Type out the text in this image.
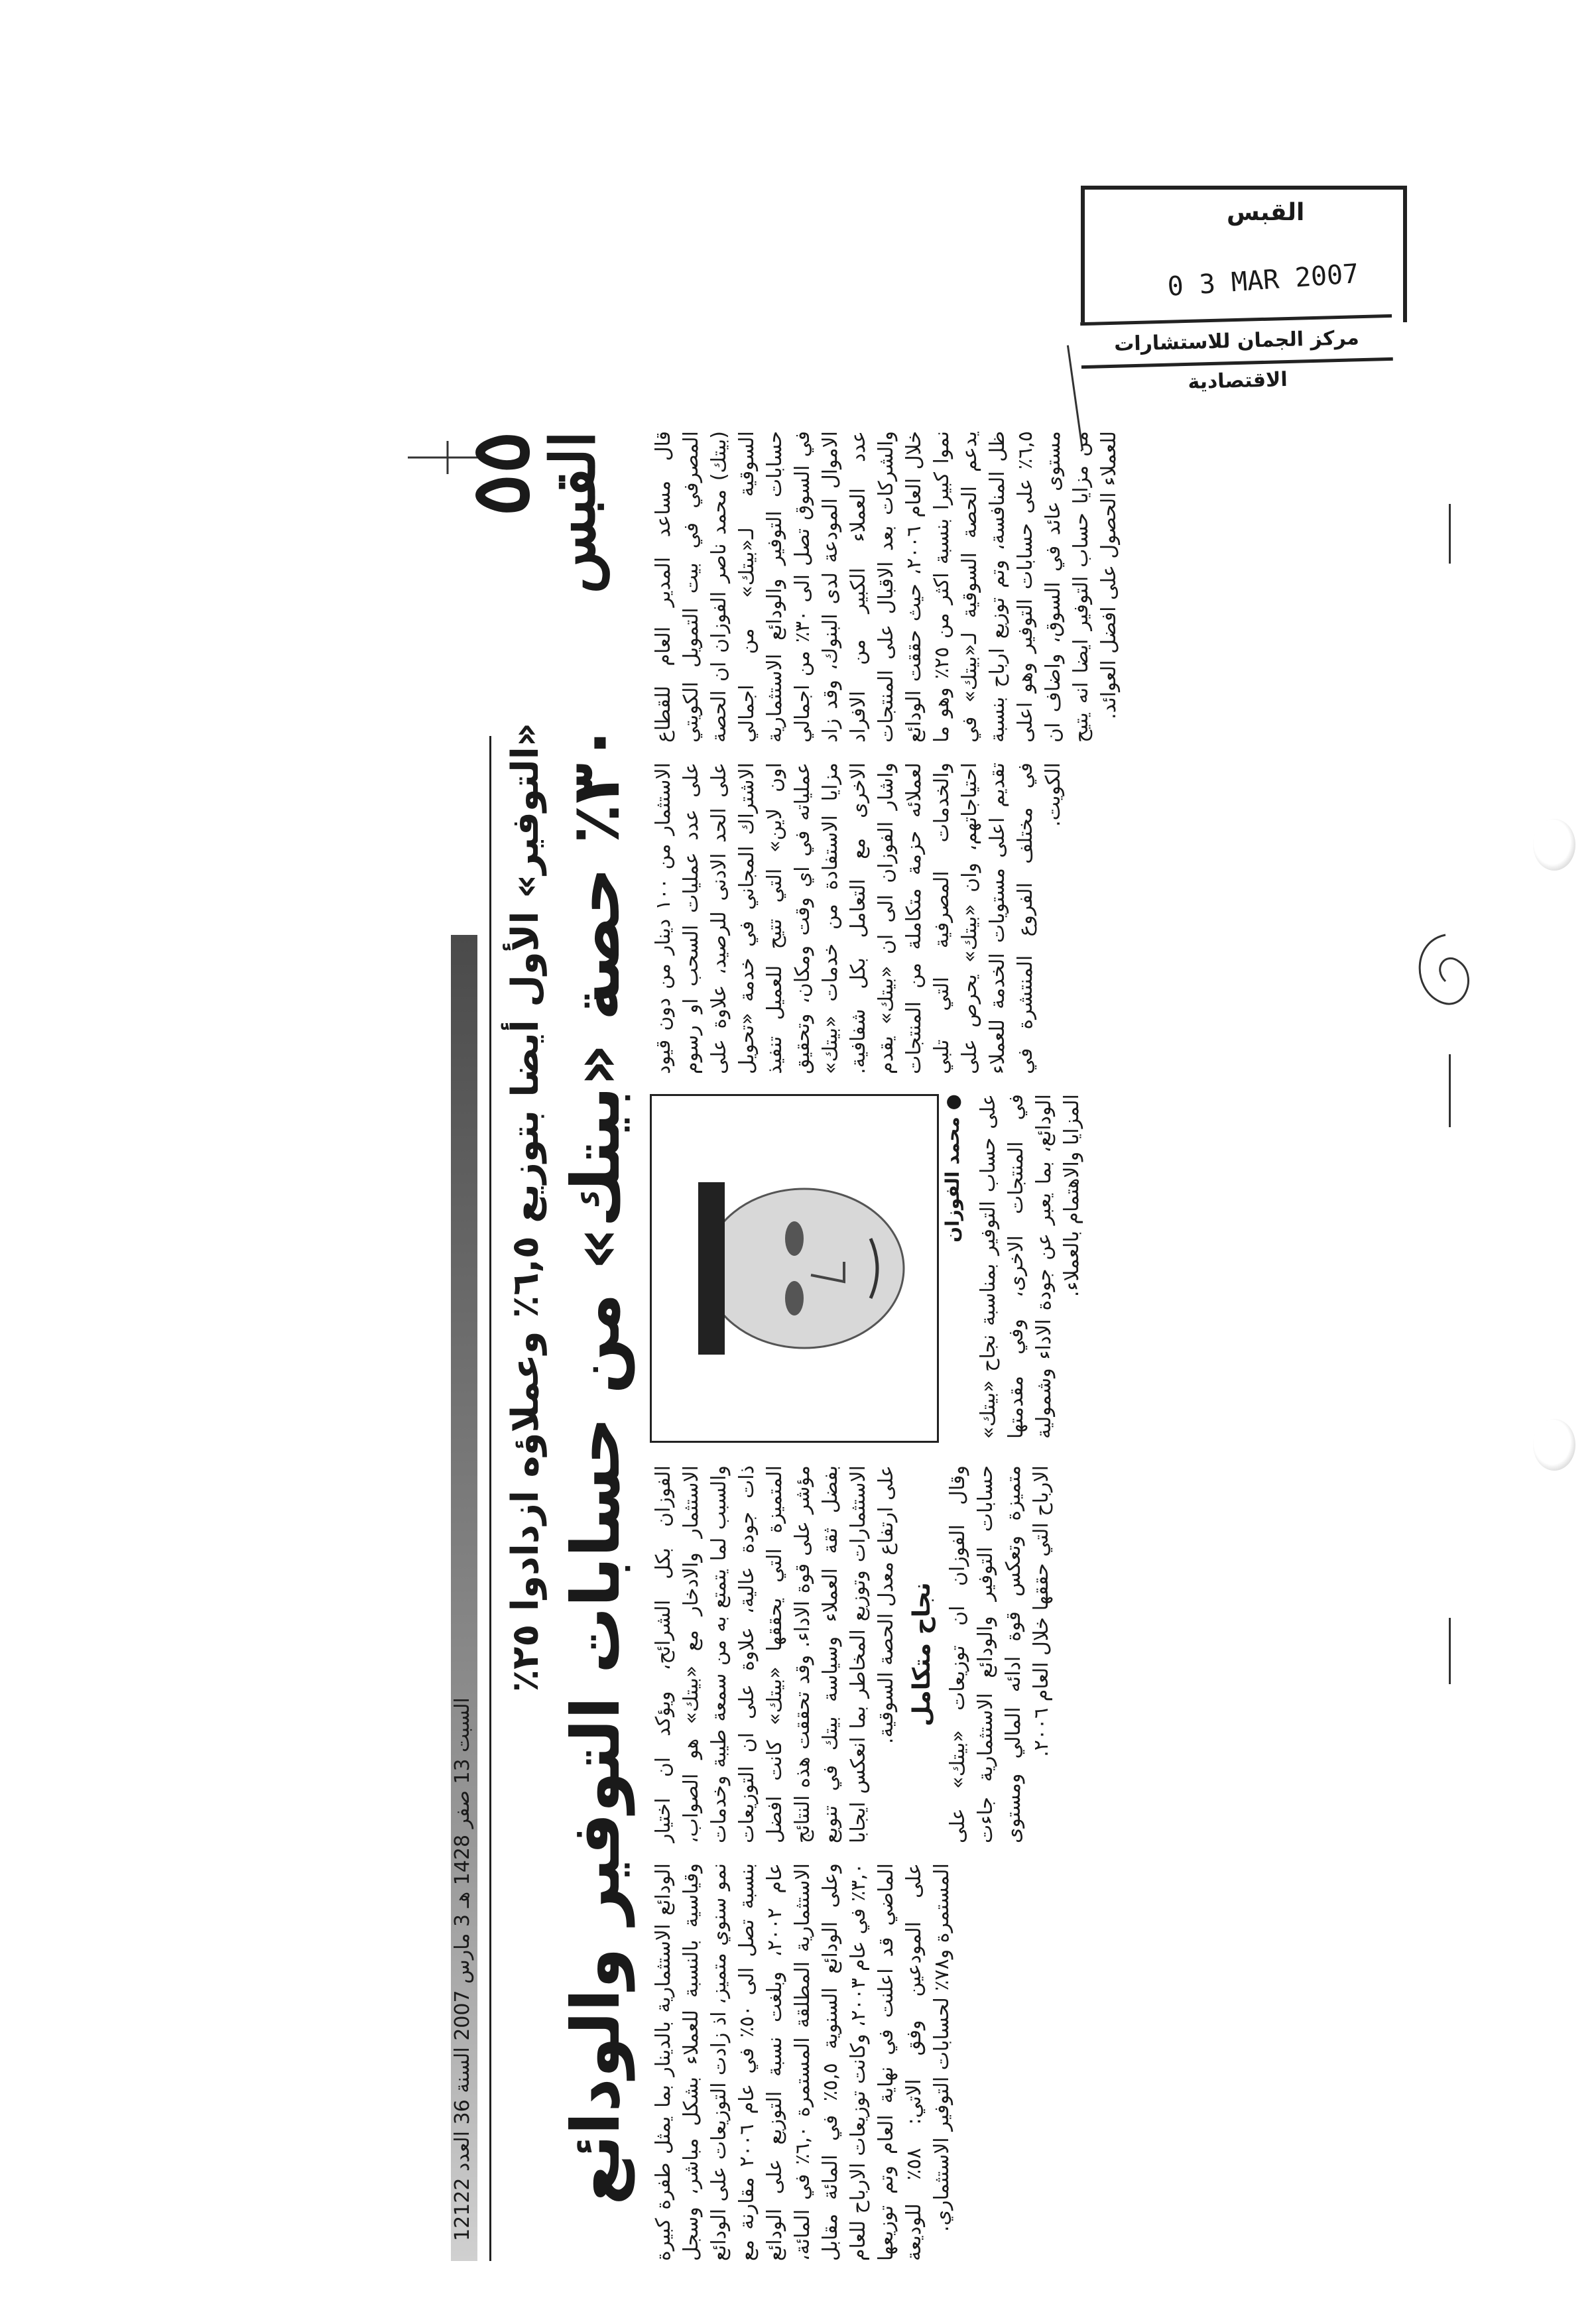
القبس
0 3 MAR 2007
مركز الجمان للاستشارات الاقتصادية
٥٥
القبس
السبت 13 صفر 1428 هـ 3 مارس 2007 السنة 36 العدد 12122
«التوفير» الأول أيضا بتوزيع ٦,٥٪ وعملاؤه ازدادوا ٢٥٪ ٣٠٪ حصة «بيتك» من حسابات التوفير والودائع

قال مساعد المدير العام للقطاع المصرفي في بيت التمويل الكويتي (بيتك) محمد ناصر الفوزان ان الحصة السوقية لـ«بيتك» من اجمالي حسابات التوفير والودائع الاستثمارية في السوق تصل الى ٣٠٪ من اجمالي الاموال المودعة لدى البنوك، وقد زاد عدد العملاء الكبير من الافراد والشركات بعد الاقبال على المنتجات خلال العام ٢٠٠٦، حيث حققت الودائع نموا كبيرا بنسبة اكثر من ٢٥٪ وهو ما يدعم الحصة السوقية لـ«بيتك» في ظل المنافسة، وتم توزيع ارباح بنسبة ٦,٥٪ على حسابات التوفير وهو اعلى مستوى عائد في السوق، واضاف ان من مزايا حساب التوفير ايضا انه يتيح للعملاء الحصول على افضل العوائد.

الاستثمار من ١٠٠ دينار من دون قيود على عدد عمليات السحب او رسوم على الحد الادنى للرصيد، علاوة على الاشتراك المجاني في خدمة «تحويل اون لاين» التي تتيح للعميل تنفيذ عملياته في اي وقت ومكان، وتحقيق مزايا الاستفادة من خدمات «بيتك» الاخرى مع التعامل بكل شفافية. واشار الفوزان الى ان «بيتك» يقدم لعملائه حزمة متكاملة من المنتجات والخدمات المصرفية التي تلبي احتياجاتهم، وان «بيتك» يحرص على تقديم اعلى مستويات الخدمة للعملاء في مختلف الفروع المنتشرة في الكويت.

● محمد الفوزان على حساب التوفير بمناسبة نجاح «بيتك» في المنتجات الاخرى، وفي مقدمتها الودائع، بما يعبر عن جودة الاداء وشمولية المزايا والاهتمام بالعملاء.

الفوزان بكل الشرائح، ويؤكد ان اختيار الاستثمار والادخار مع «بيتك» هو الصواب، والسبب لما يتمتع به من سمعة طيبة وخدمات ذات جودة عالية، علاوة على ان التوزيعات المتميزة التي يحققها «بيتك» كانت افضل مؤشر على قوة الاداء. وقد تحققت هذه النتائج بفضل ثقة العملاء وسياسة بيتك في تنويع الاستثمارات وتوزيع المخاطر بما انعكس ايجابا على ارتفاع معدل الحصة السوقية. نجاح متكامل وقال الفوزان ان توزيعات «بيتك» على حسابات التوفير والودائع الاستثمارية جاءت متميزة وتعكس قوة ادائه المالي ومستوى الارباح التي حققها خلال العام ٢٠٠٦.

الودائع الاستثمارية بالدينار بما يمثل طفرة كبيرة وقياسية بالنسبة للعملاء بشكل مباشر، وسجل نمو سنوي متميز، اذ زادت التوزيعات على الودائع بنسبة تصل الى ٥٠٪ في عام ٢٠٠٦ مقارنة مع عام ٢٠٠٢، وبلغت نسبة التوزيع على الودائع الاستثمارية المطلقة المستمرة ٦,٠٪ في المائة، وعلى الودائع السنوية ٥,٥٪ في المائة مقابل ٣,٠٪ في عام ٢٠٠٣، وكانت توزيعات الارباح للعام الماضي قد اعلنت في نهاية العام وتم توزيعها على المودعين وفق الاتي: ٥٨٪ للوديعة المستمرة و٧٨٪ لحسابات التوفير الاستثماري.
